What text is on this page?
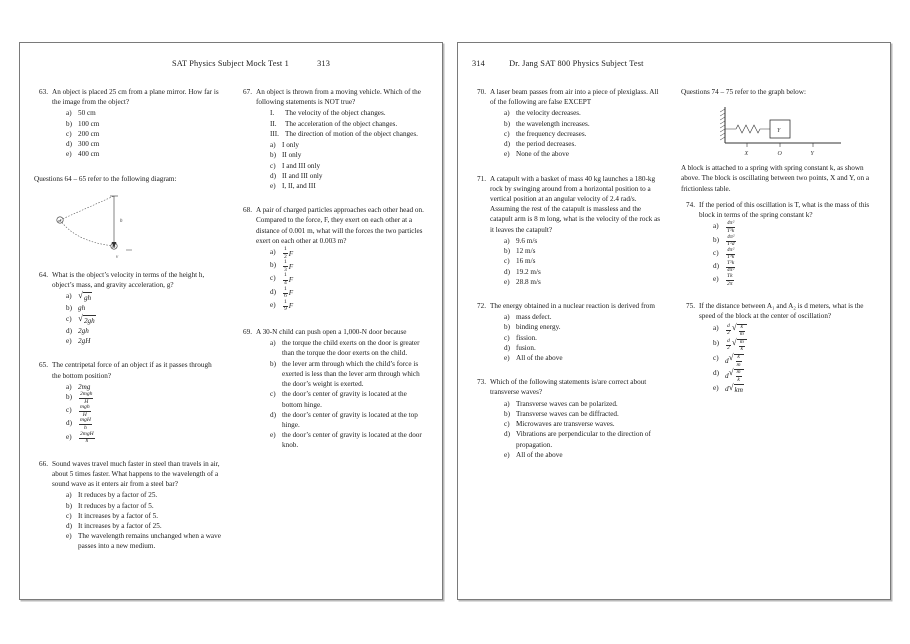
SAT Physics Subject Mock Test 1	313
63. An object is placed 25 cm from a plane mirror. How far is the image from the object?

a) 50 cm
b) 100 cm
c) 200 cm
d) 300 cm
e) 400 cm

Questions 64 – 65 refer to the following diagram:

m
m
h
v
64. What is the object’s velocity in terms of the height h, object’s mass, and gravity acceleration, g?

a) √ gh
b) gh
c) √ 2gh
d) 2gh
e) 2gH
65. The centripetal force of an object if as it passes through the bottom position?

a) 2mg
b)	$\frac{\text{2mgh}}{H}$
c)	$\frac{\text{mgh}}{H}$
d)	$\frac{\text{mgH}}{h}$
e)	$\frac{\text{2mgH}}{h}$
66. Sound waves travel much faster in steel than travels in air, about 5 times faster. What happens to the wavelength of a sound wave as it enters air from a steel bar?

a) It reduces by a factor of 25.
b) It reduces by a factor of 5.
c) It increases by a factor of 5.
d) It increases by a factor of 25.
e) The wavelength remains unchanged when a wave passes into a new medium.
67. An object is thrown from a moving vehicle. Which of the following statements is NOT true?

I.	The velocity of the object changes.
II.	The acceleration of the object changes.
III. The direction of motion of the object changes.
a) I only
b) II only
c) I and III only
d) II and III only
e) I, II, and III
68. A pair of charged particles approaches each other head on. Compared to the force, F, they exert on each other at a distance of 0.001 m, what will the forces the two particles exert on each other at 0.003 m?

a)	$\frac{1}{2}$ F
b)	$\frac{1}{3}$ F
c)	$\frac{1}{4}$ F
d)	$\frac{1}{6}$ F
e)	$\frac{1}{9}$ F
69. A 30-N child can push open a 1,000-N door because

a) the torque the child exerts on the door is greater than the torque the door exerts on the child.
b) the lever arm through which the child’s force is exerted is less than the lever arm through which the door’s weight is exerted.
c) the door’s center of gravity is located at the bottom hinge.
d) the door’s center of gravity is located at the top hinge.
e) the door’s center of gravity is located at the door knob.
314	Dr. Jang SAT 800 Physics Subject Test
70. A laser beam passes from air into a piece of plexiglass. All of the following are false EXCEPT

a) the velocity decreases.
b) the wavelength increases.
c) the frequency decreases.
d) the period decreases.
e) None of the above
71. A catapult with a basket of mass 40 kg launches a 180-kg rock by swinging around from a horizontal position to a vertical position at an angular velocity of 2.4 rad/s. Assuming the rest of the catapult is massless and the catapult arm is 8 m long, what is the velocity of the rock as it leaves the catapult?

a) 9.6 m/s
b) 12 m/s
c) 16 m/s
d) 19.2 m/s
e) 28.8 m/s
72. The energy obtained in a nuclear reaction is derived from

a) mass defect.
b) binding energy.
c) fission.
d) fusion.
e) All of the above
73. Which of the following statements is/are correct about transverse waves?

a) Transverse waves can be polarized.
b) Transverse waves can be diffracted.
c) Microwaves are transverse waves.
d) Vibrations are perpendicular to the direction of propagation.
e) All of the above

Questions 74 – 75 refer to the graph below:

Y
X	O	Y

A block is attached to a spring with spring constant k, as shown above. The block is oscillating between two points, X and Y, on a frictionless table.

74. If the period of this oscillation is T, what is the mass of this block in terms of the spring constant k?

a)	$\frac{\text{4π²}}{\text{T²k}}$
b)	$\frac{\text{4π²}}{\text{T²d}}$
c)	$\frac{\text{4π²}}{\text{T³k}}$
d)	$\frac{\text{T²k}}{\text{4π²}}$
e)	$\frac{Tk}{2\pi}$
75. If the distance between A₁ and A₂ is d meters, what is the speed of the block at the center of oscillation?

a)	$\frac{d}{2}$ √ $\frac{k}{m}$
b)	$\frac{d}{2}$ √ $\frac{m}{k}$
c) d √ $\frac{k}{m}$
d) d √ $\frac{m}{k}$
e) d √ km
